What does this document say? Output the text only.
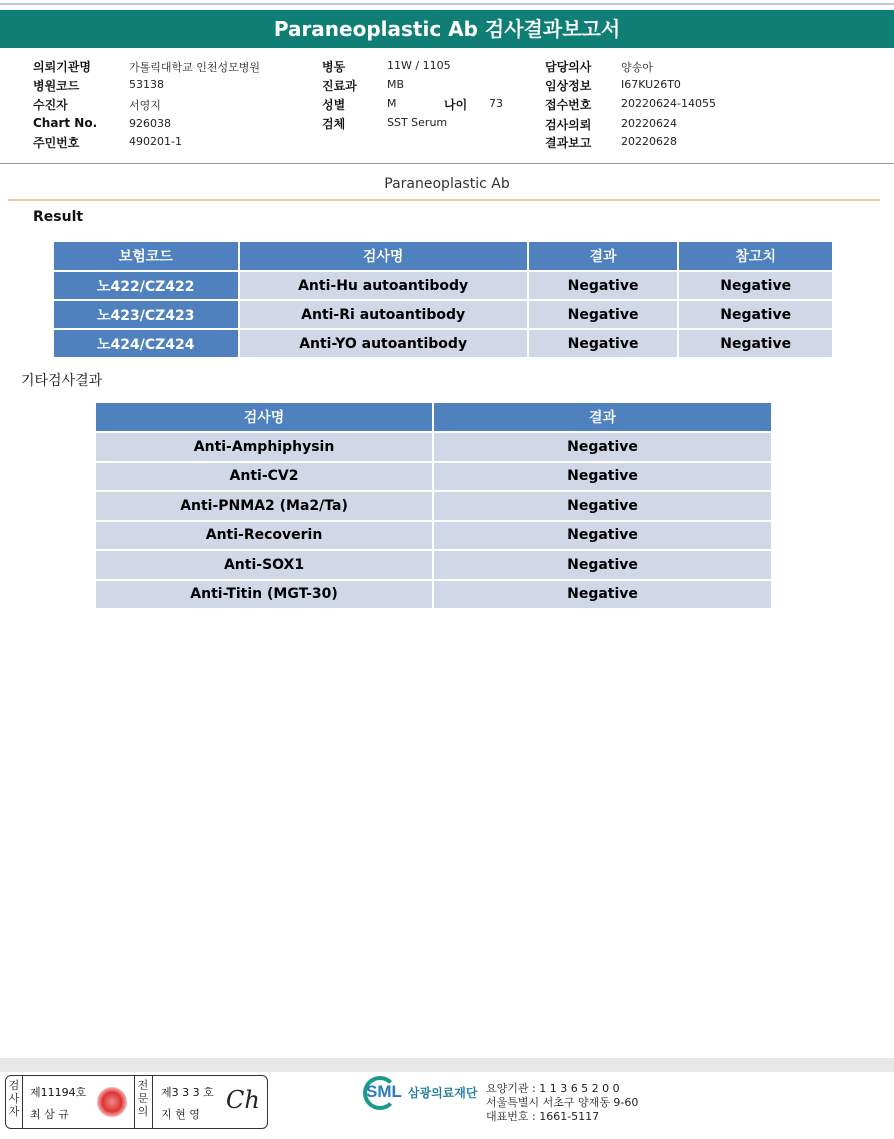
Paraneoplastic Ab 검사결과보고서
의뢰기관명	가톨릭대학교 인천성모병원
병원코드	53138
수진자	서영지
Chart No.	926038
주민번호	490201-1
병동	11W / 1105
진료과	MB
성별	M
검체	SST Serum
담당의사	양송아
임상정보	I67KU26T0
접수번호	20220624-14055
검사의뢰	20220624
결과보고	20220628
나이 73
Paraneoplastic Ab
Result
보험코드	검사명	결과	참고치
노422/CZ422	Anti-Hu autoantibody	Negative	Negative
노423/CZ423	Anti-Ri autoantibody	Negative	Negative
노424/CZ424	Anti-YO autoantibody	Negative	Negative
기타검사결과
검사명	결과
Anti-Amphiphysin	Negative
Anti-CV2	Negative
Anti-PNMA2 (Ma2/Ta)	Negative
Anti-Recoverin	Negative
Anti-SOX1	Negative
Anti-Titin (MGT-30)	Negative
검
사
자
제11194호
최 삼 규
전
문
의
제3 3 3 호
지 현 영
Ch	SML 삼광의료재단 요양기관 : 1 1 3 6 5 2 0 0
서울특별시 서초구 양재동 9-60
대표번호 : 1661-5117
